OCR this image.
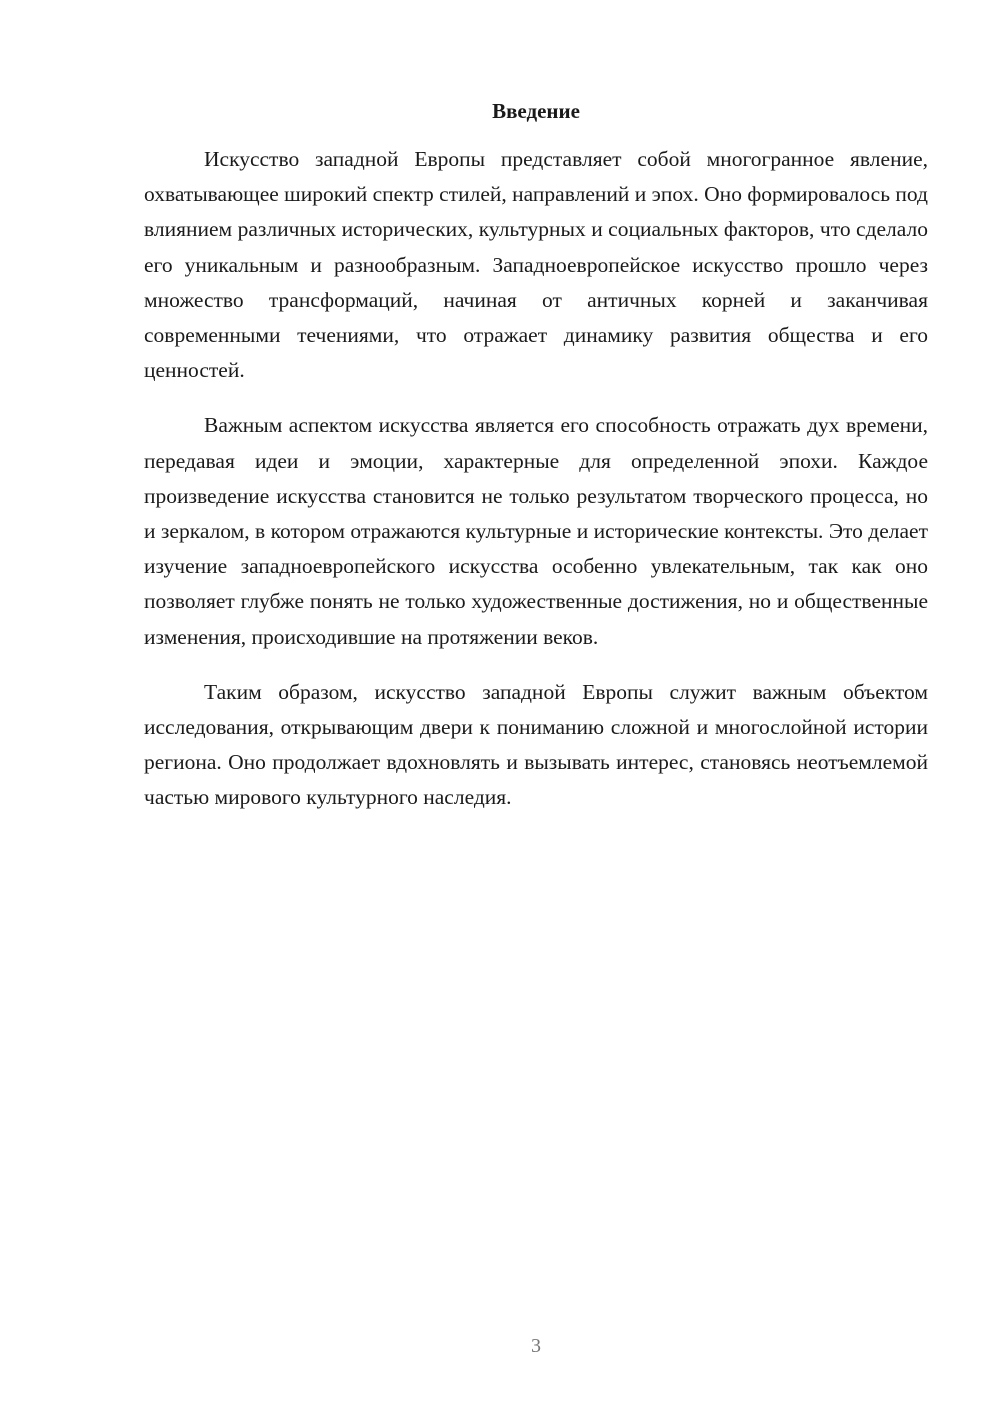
Введение

Искусство западной Европы представляет собой многогранное явление, охватывающее широкий спектр стилей, направлений и эпох. Оно формировалось под влиянием различных исторических, культурных и социальных факторов, что сделало его уникальным и разнообразным. Западноевропейское искусство прошло через множество трансформаций, начиная от античных корней и заканчивая современными течениями, что отражает динамику развития общества и его ценностей.

Важным аспектом искусства является его способность отражать дух времени, передавая идеи и эмоции, характерные для определенной эпохи. Каждое произведение искусства становится не только результатом творческого процесса, но и зеркалом, в котором отражаются культурные и исторические контексты. Это делает изучение западноевропейского искусства особенно увлекательным, так как оно позволяет глубже понять не только художественные достижения, но и общественные изменения, происходившие на протяжении веков.

Таким образом, искусство западной Европы служит важным объектом исследования, открывающим двери к пониманию сложной и многослойной истории региона. Оно продолжает вдохновлять и вызывать интерес, становясь неотъемлемой частью мирового культурного наследия.

3
